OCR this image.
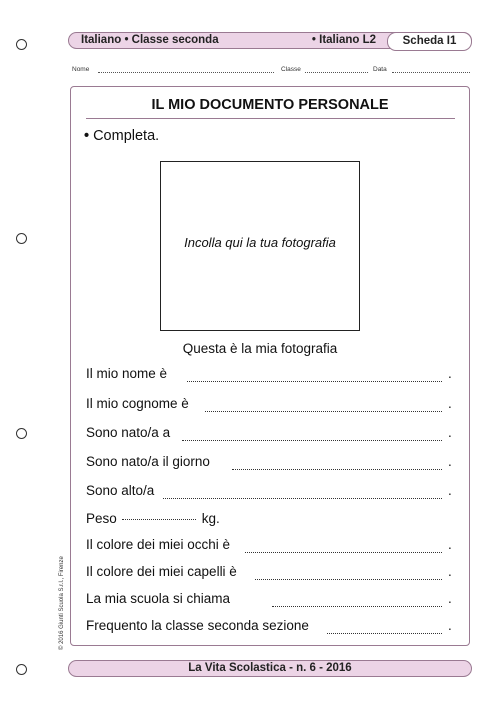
Italiano • Classe seconda	• Italiano L2	Scheda I1
Nome	Classe	Data
IL MIO DOCUMENTO PERSONALE
• Completa.
Incolla qui la tua fotografia
Questa è la mia fotografia
Il mio nome è	.
Il mio cognome è	.
Sono nato/a a	.
Sono nato/a il giorno	.
Sono alto/a	.
Peso	kg.
Il colore dei miei occhi è	.
Il colore dei miei capelli è	.
La mia scuola si chiama	.
Frequento la classe seconda sezione	.
© 2016 Giunti Scuola S.r.l., Firenze
La Vita Scolastica - n. 6 - 2016
